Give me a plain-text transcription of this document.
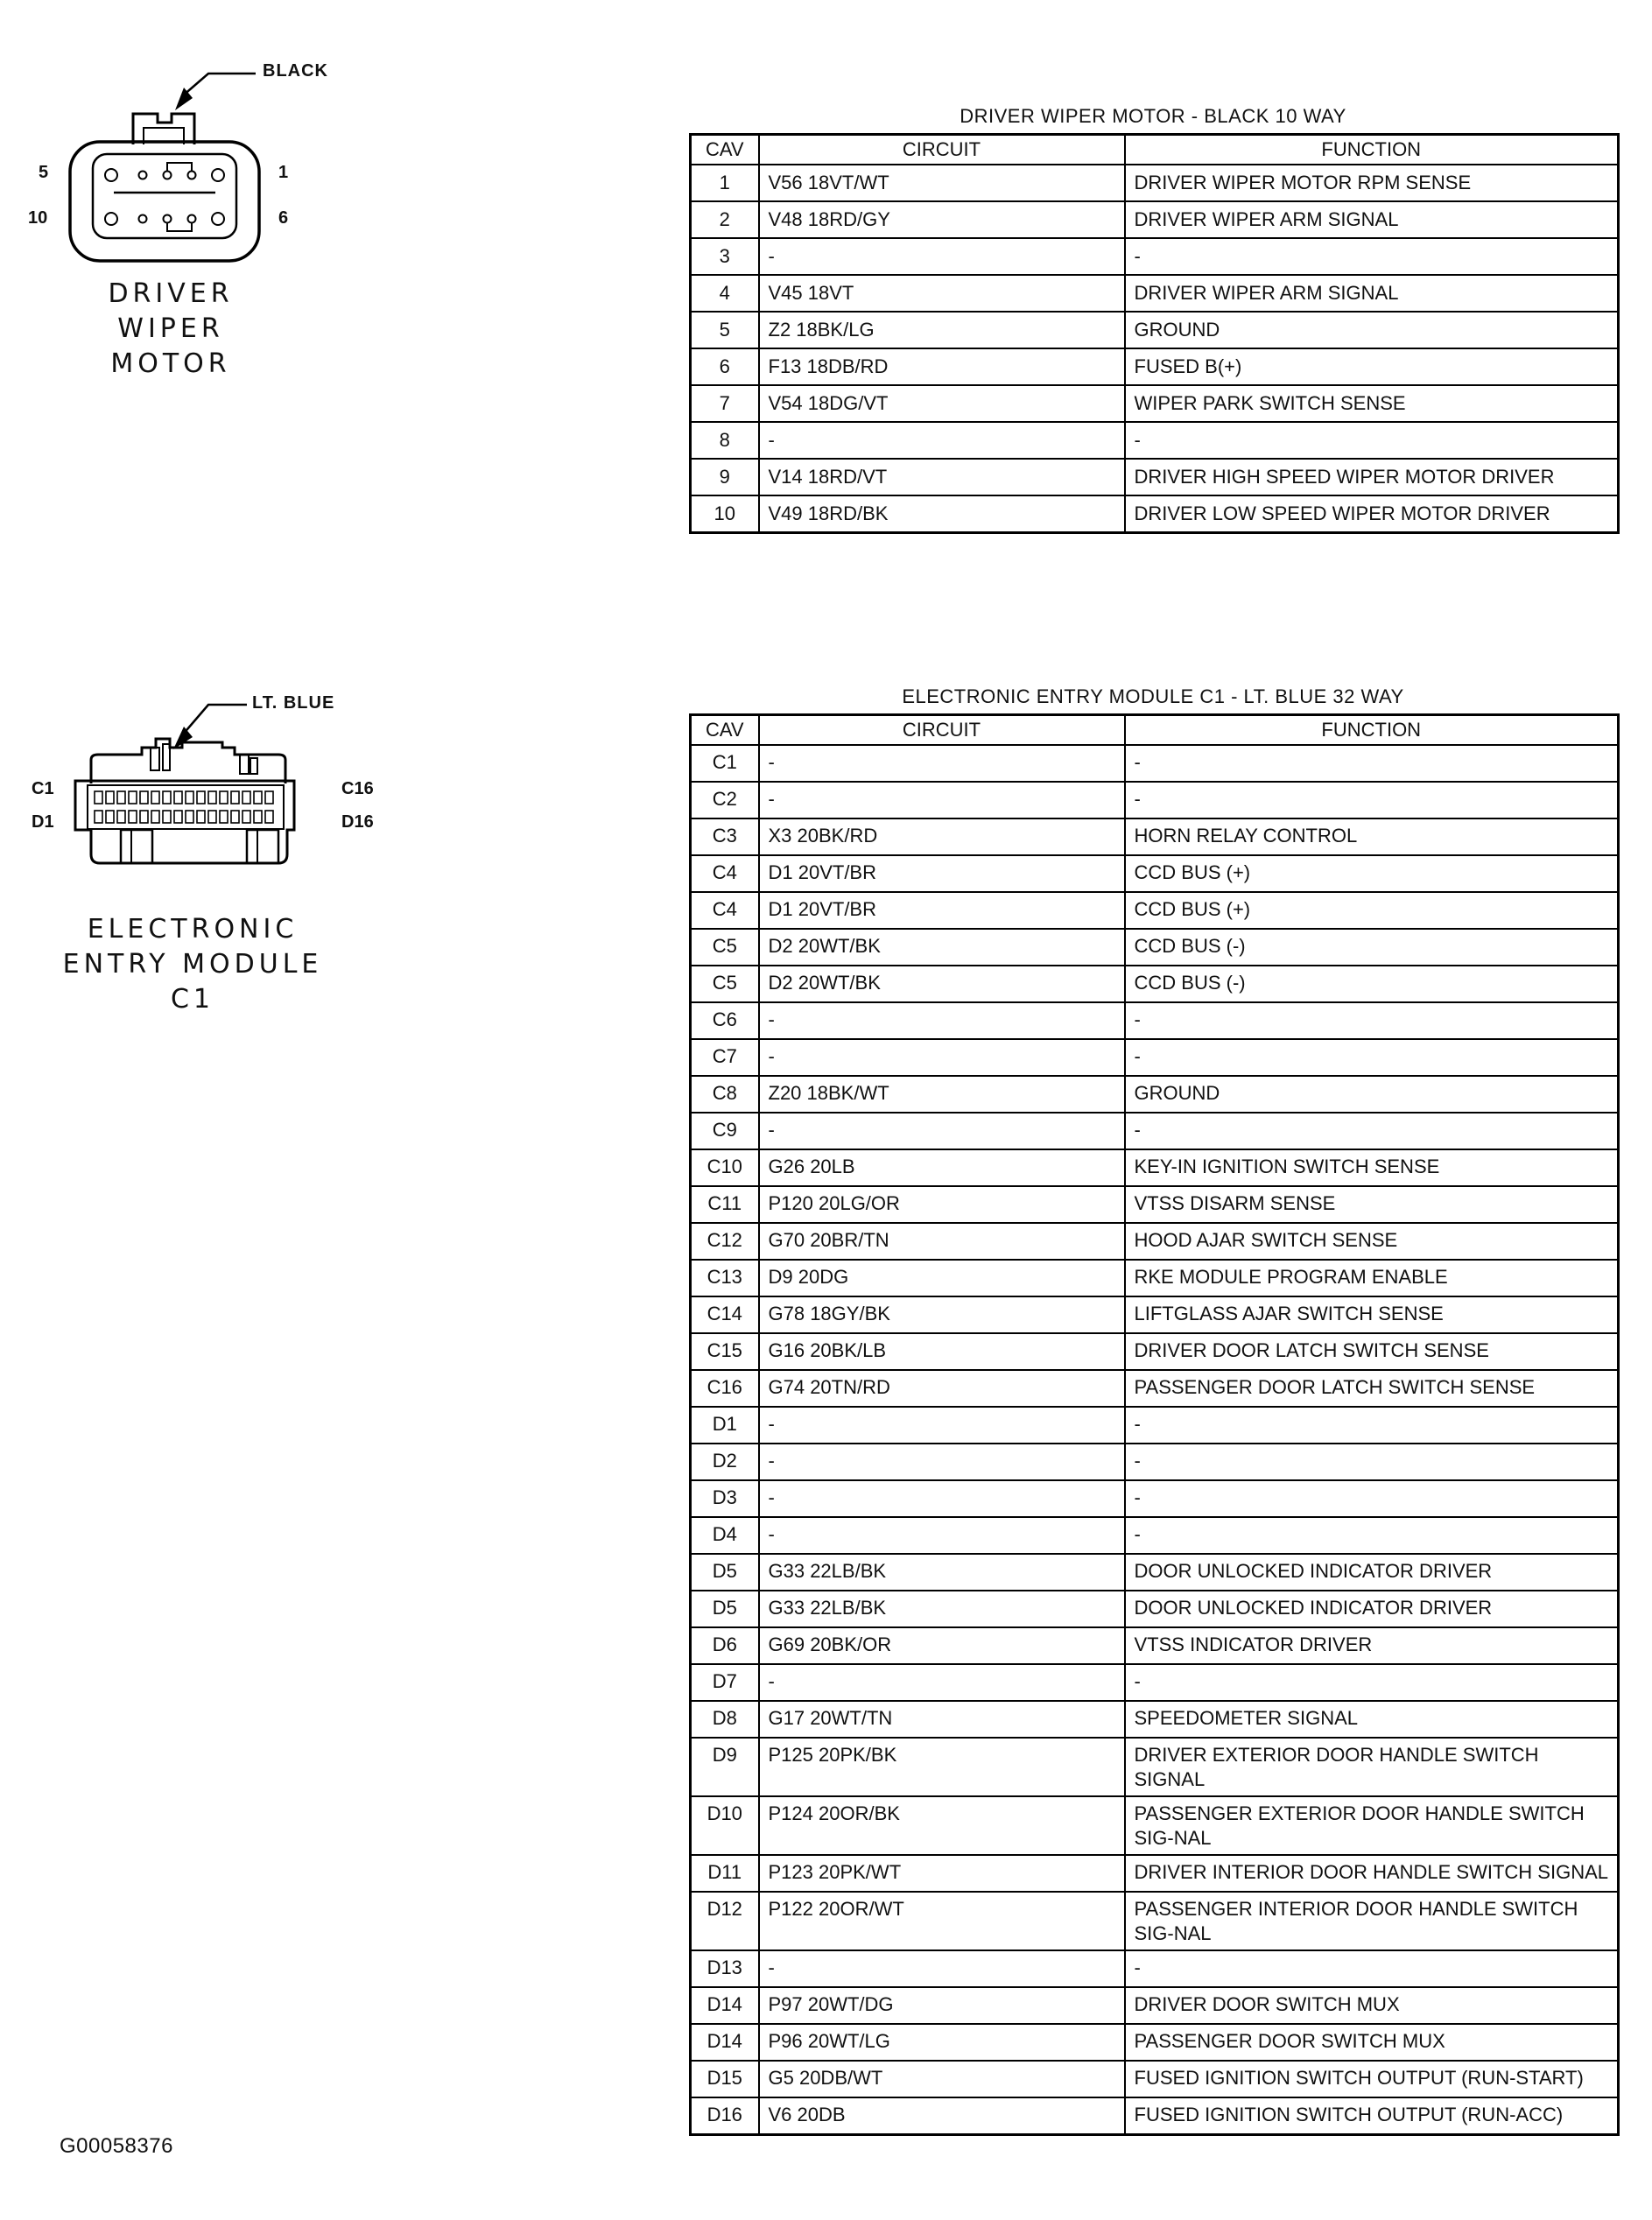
BLACK
5	1
10	6
DRIVER WIPER
MOTOR
LT. BLUE
C1	C16
D1	D16
ELECTRONIC
ENTRY MODULE C1
DRIVER WIPER MOTOR - BLACK 10 WAY
CAV	CIRCUIT	FUNCTION
1	V56 18VT/WT	DRIVER WIPER MOTOR RPM SENSE
2	V48 18RD/GY	DRIVER WIPER ARM SIGNAL
3	-	-
4	V45 18VT	DRIVER WIPER ARM SIGNAL
5	Z2 18BK/LG	GROUND
6	F13 18DB/RD	FUSED B(+)
7	V54 18DG/VT	WIPER PARK SWITCH SENSE
8	-	-
9	V14 18RD/VT	DRIVER HIGH SPEED WIPER MOTOR DRIVER
10	V49 18RD/BK	DRIVER LOW SPEED WIPER MOTOR DRIVER
ELECTRONIC ENTRY MODULE C1 - LT. BLUE 32 WAY
CAV	CIRCUIT	FUNCTION
C1	-	-
C2	-	-
C3	X3 20BK/RD	HORN RELAY CONTROL
C4	D1 20VT/BR	CCD BUS (+)
C4	D1 20VT/BR	CCD BUS (+)
C5	D2 20WT/BK	CCD BUS (-)
C5	D2 20WT/BK	CCD BUS (-)
C6	-	-
C7	-	-
C8	Z20 18BK/WT	GROUND
C9	-	-
C10	G26 20LB	KEY-IN IGNITION SWITCH SENSE
C11	P120 20LG/OR	VTSS DISARM SENSE
C12	G70 20BR/TN	HOOD AJAR SWITCH SENSE
C13	D9 20DG	RKE MODULE PROGRAM ENABLE
C14	G78 18GY/BK	LIFTGLASS AJAR SWITCH SENSE
C15	G16 20BK/LB	DRIVER DOOR LATCH SWITCH SENSE
C16	G74 20TN/RD	PASSENGER DOOR LATCH SWITCH SENSE
D1	-	-
D2	-	-
D3	-	-
D4	-	-
D5	G33 22LB/BK	DOOR UNLOCKED INDICATOR DRIVER
D5	G33 22LB/BK	DOOR UNLOCKED INDICATOR DRIVER
D6	G69 20BK/OR	VTSS INDICATOR DRIVER
D7	-	-
D8	G17 20WT/TN	SPEEDOMETER SIGNAL
D9	P125 20PK/BK	DRIVER EXTERIOR DOOR HANDLE SWITCH SIGNAL
D10	P124 20OR/BK	PASSENGER EXTERIOR DOOR HANDLE SWITCH SIG-NAL
D11	P123 20PK/WT	DRIVER INTERIOR DOOR HANDLE SWITCH SIGNAL
D12	P122 20OR/WT	PASSENGER INTERIOR DOOR HANDLE SWITCH SIG-NAL
D13	-	-
D14	P97 20WT/DG	DRIVER DOOR SWITCH MUX
D14	P96 20WT/LG	PASSENGER DOOR SWITCH MUX
D15	G5 20DB/WT	FUSED IGNITION SWITCH OUTPUT (RUN-START)
D16	V6 20DB	FUSED IGNITION SWITCH OUTPUT (RUN-ACC)
G00058376
